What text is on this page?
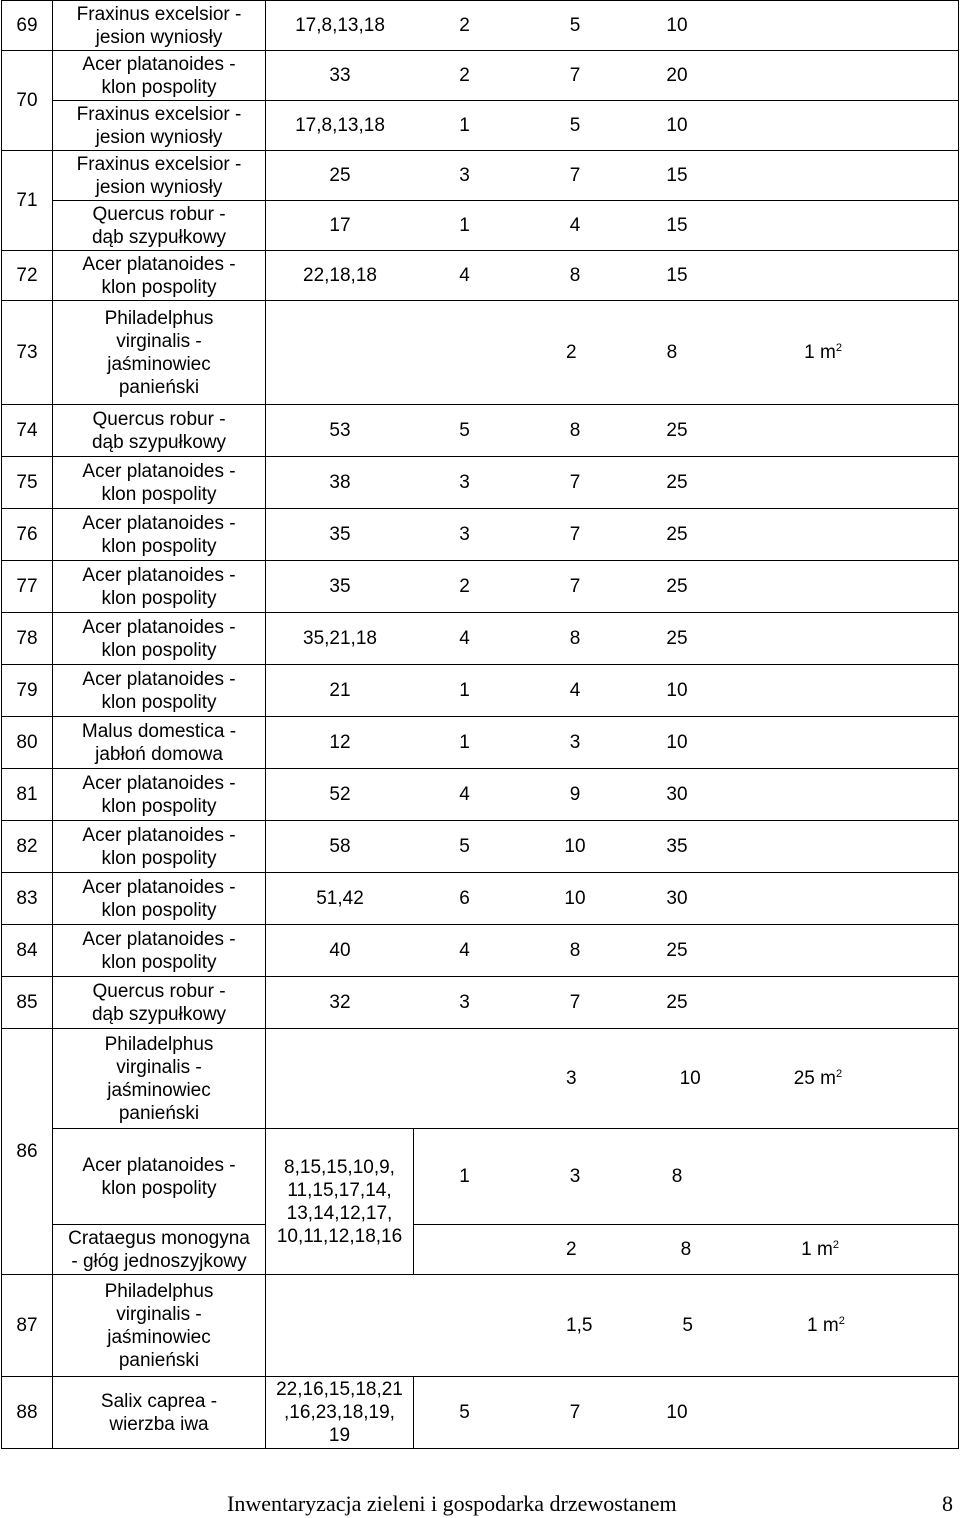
69	Fraxinus excelsior -
jesion wyniosły	17,8,13,18 2 5 10	
70	Acer platanoides -
klon pospolity	33 2 7 20	
	Fraxinus excelsior -
jesion wyniosły	17,8,13,18 1 5 10	
71	Fraxinus excelsior -
jesion wyniosły	25 3 7 15	
	Quercus robur -
dąb szypułkowy	17 1 4 15	
72	Acer platanoides -
klon pospolity	22,18,18 4 8 15	
73	Philadelphus
virginalis -
jaśminowiec
panieński	2 8 1 $m^2$
74	Quercus robur -
dąb szypułkowy	53 5 8 25	
75	Acer platanoides -
klon pospolity	38 3 7 25	
76	Acer platanoides -
klon pospolity	35 3 7 25	
77	Acer platanoides -
klon pospolity	35 2 7 25	
78	Acer platanoides -
klon pospolity	35,21,18 4 8 25	
79	Acer platanoides -
klon pospolity	21 1 4 10	
80	Malus domestica -
jabłoń domowa	12 1 3 10	
81	Acer platanoides -
klon pospolity	52 4 9 30	
82	Acer platanoides -
klon pospolity	58 5 10 35	
83	Acer platanoides -
klon pospolity	51,42 6 10 30	
84	Acer platanoides -
klon pospolity	40 4 8 25	
85	Quercus robur -
dąb szypułkowy	32 3 7 25	
86	Philadelphus
virginalis -
jaśminowiec
panieński	3 10 25 $m^2$
	Acer platanoides -
klon pospolity	8,15,15,10,9,
11,15,17,14,
13,14,12,17,
10,11,12,18,16	1 3 8
	Crataegus monogyna
- głóg jednoszyjkowy		2 8 1 $m^2$
87	Philadelphus
virginalis -
jaśminowiec
panieński	1,5 5 1 $m^2$
88	Salix caprea -
wierzba iwa	22,16,15,18,21
,16,23,18,19,
19	5 7 10
Inwentaryzacja zieleni i gospodarka drzewostanem	8
